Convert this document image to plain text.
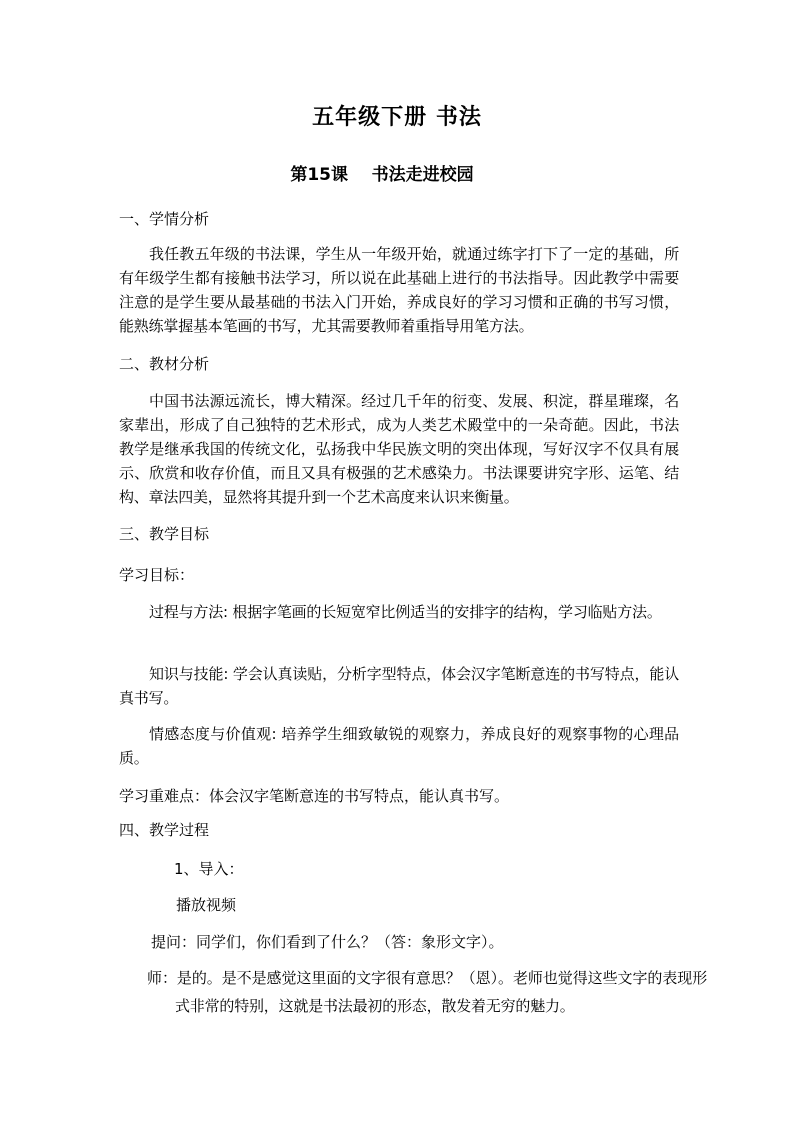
五年级下册 书法
第15课    书法走进校园
一、学情分析
我任教五年级的书法课，学生从一年级开始，就通过练字打下了一定的基础，所有年级学生都有接触书法学习，所以说在此基础上进行的书法指导。因此教学中需要注意的是学生要从最基础的书法入门开始，养成良好的学习习惯和正确的书写习惯，能熟练掌握基本笔画的书写，尤其需要教师着重指导用笔方法。
二、教材分析
中国书法源远流长，博大精深。经过几千年的衍变、发展、积淀，群星璀璨，名家辈出，形成了自己独特的艺术形式，成为人类艺术殿堂中的一朵奇葩。因此，书法教学是继承我国的传统文化，弘扬我中华民族文明的突出体现，写好汉字不仅具有展示、欣赏和收存价值，而且又具有极强的艺术感染力。书法课要讲究字形、运笔、结构、章法四美，显然将其提升到一个艺术高度来认识来衡量。
三、教学目标
学习目标：
过程与方法: 根据字笔画的长短宽窄比例适当的安排字的结构，学习临贴方法。
知识与技能: 学会认真读贴，分析字型特点，体会汉字笔断意连的书写特点，能认真书写。
情感态度与价值观: 培养学生细致敏锐的观察力，养成良好的观察事物的心理品质。
学习重难点：体会汉字笔断意连的书写特点，能认真书写。
四、教学过程
1、导入：
播放视频
提问：同学们，你们看到了什么？（答：象形文字）。
师：是的。是不是感觉这里面的文字很有意思？（恩）。老师也觉得这些文字的表现形式非常的特别，这就是书法最初的形态，散发着无穷的魅力。
